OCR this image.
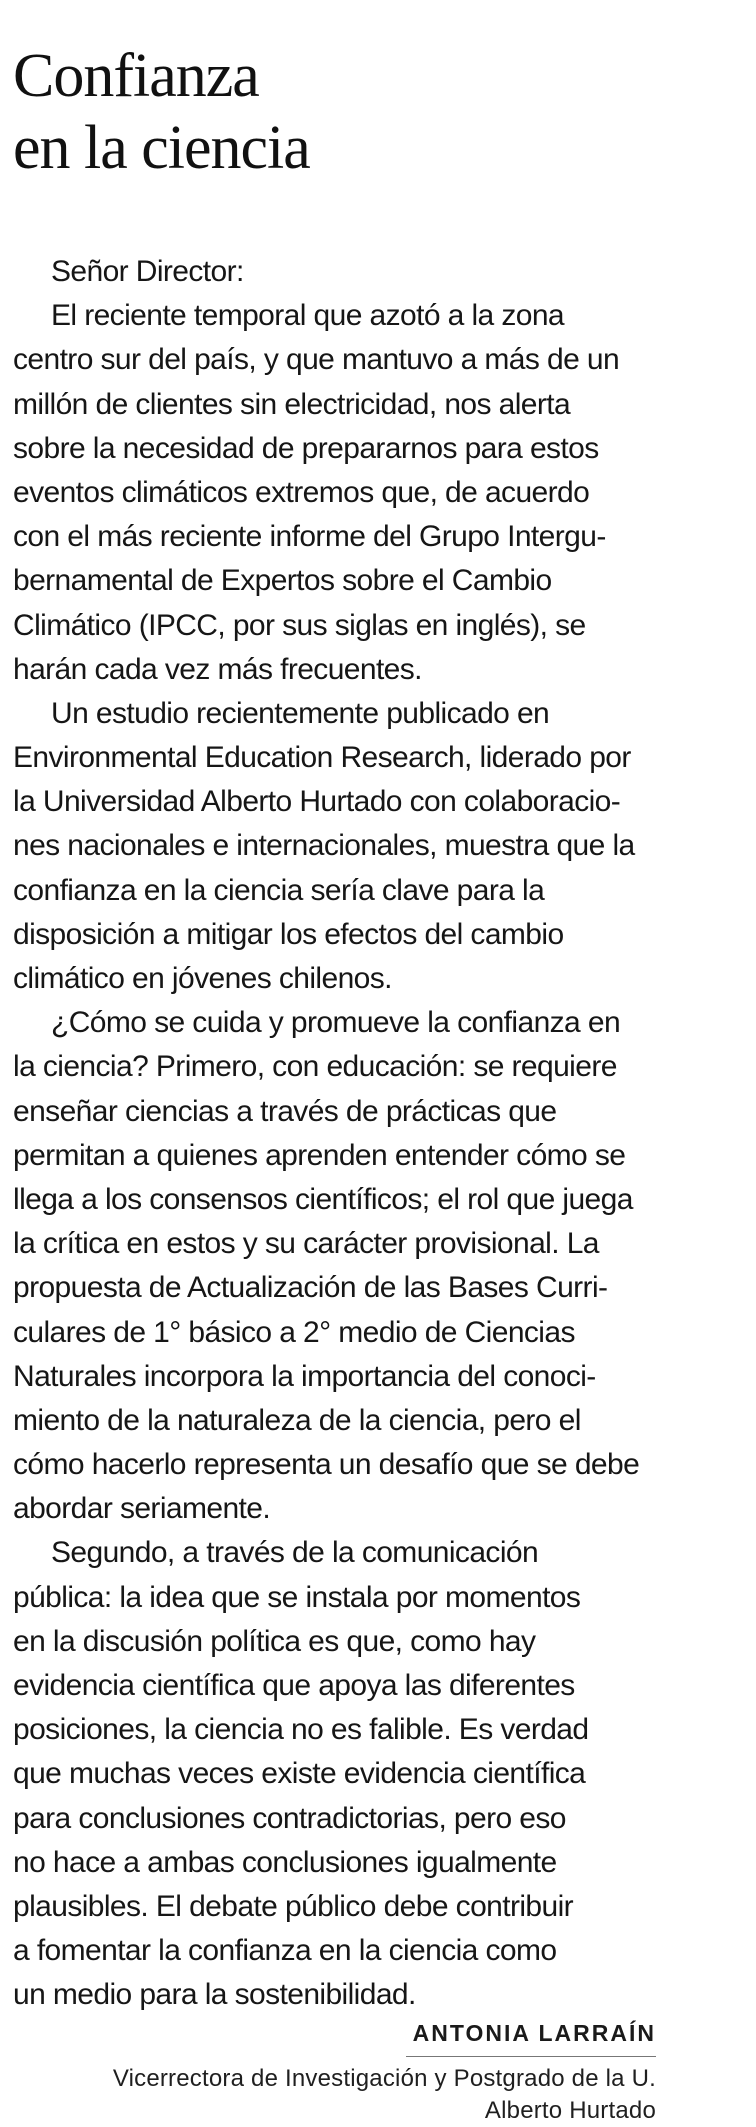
Confianza
en la ciencia
Señor Director:
El reciente temporal que azotó a la zona
centro sur del país, y que mantuvo a más de un
millón de clientes sin electricidad, nos alerta
sobre la necesidad de prepararnos para estos
eventos climáticos extremos que, de acuerdo
con el más reciente informe del Grupo Intergu-
bernamental de Expertos sobre el Cambio
Climático (IPCC, por sus siglas en inglés), se
harán cada vez más frecuentes.
Un estudio recientemente publicado en
Environmental Education Research, liderado por
la Universidad Alberto Hurtado con colaboracio-
nes nacionales e internacionales, muestra que la
confianza en la ciencia sería clave para la
disposición a mitigar los efectos del cambio
climático en jóvenes chilenos.
¿Cómo se cuida y promueve la confianza en
la ciencia? Primero, con educación: se requiere
enseñar ciencias a través de prácticas que
permitan a quienes aprenden entender cómo se
llega a los consensos científicos; el rol que juega
la crítica en estos y su carácter provisional. La
propuesta de Actualización de las Bases Curri-
culares de 1° básico a 2° medio de Ciencias
Naturales incorpora la importancia del conoci-
miento de la naturaleza de la ciencia, pero el
cómo hacerlo representa un desafío que se debe
abordar seriamente.
Segundo, a través de la comunicación
pública: la idea que se instala por momentos
en la discusión política es que, como hay
evidencia científica que apoya las diferentes
posiciones, la ciencia no es falible. Es verdad
que muchas veces existe evidencia científica
para conclusiones contradictorias, pero eso
no hace a ambas conclusiones igualmente
plausibles. El debate público debe contribuir
a fomentar la confianza en la ciencia como
un medio para la sostenibilidad.
ANTONIA LARRAÍN
Vicerrectora de Investigación y Postgrado de la U.
Alberto Hurtado
